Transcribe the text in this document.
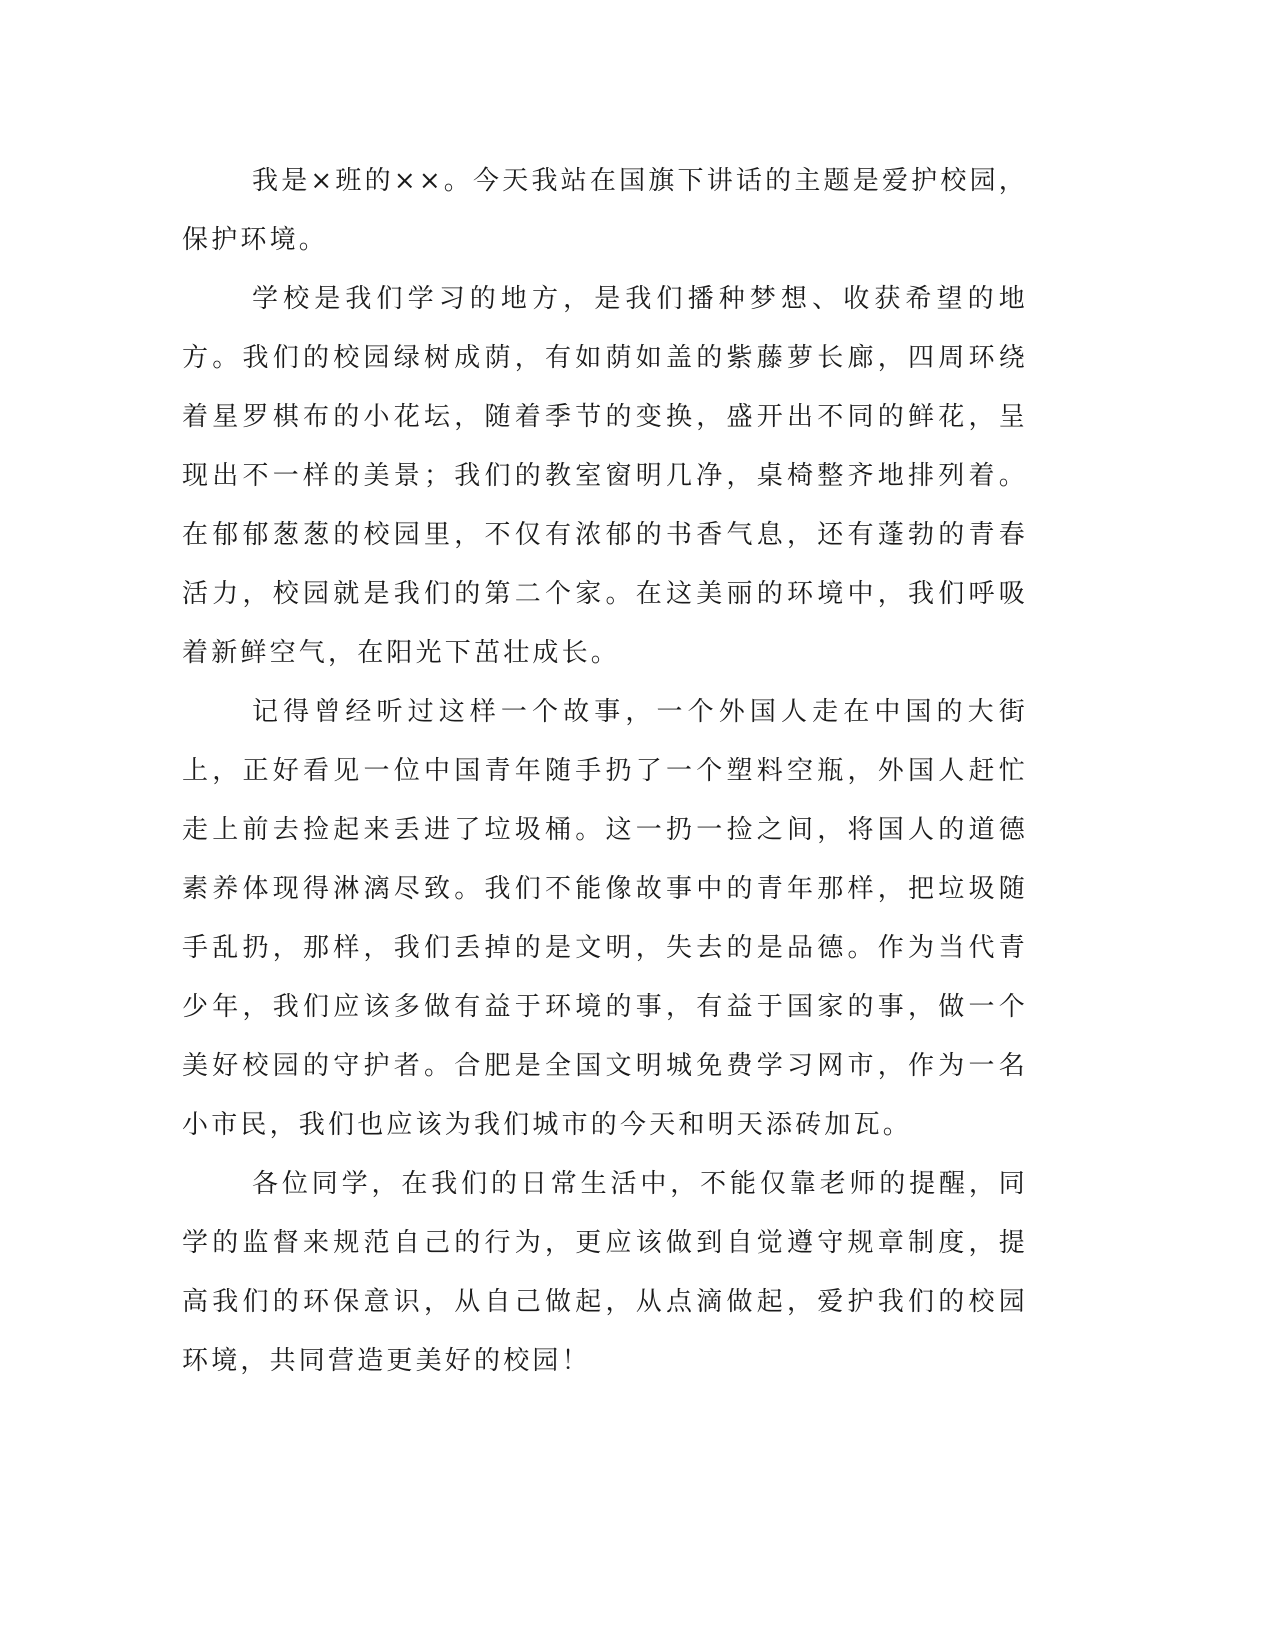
我是×班的××。今天我站在国旗下讲话的主题是爱护校园，保护环境。

学校是我们学习的地方，是我们播种梦想、收获希望的地方。我们的校园绿树成荫，有如荫如盖的紫藤萝长廊，四周环绕着星罗棋布的小花坛，随着季节的变换，盛开出不同的鲜花，呈现出不一样的美景；我们的教室窗明几净，桌椅整齐地排列着。在郁郁葱葱的校园里，不仅有浓郁的书香气息，还有蓬勃的青春活力，校园就是我们的第二个家。在这美丽的环境中，我们呼吸着新鲜空气，在阳光下茁壮成长。

记得曾经听过这样一个故事，一个外国人走在中国的大街上，正好看见一位中国青年随手扔了一个塑料空瓶，外国人赶忙走上前去捡起来丢进了垃圾桶。这一扔一捡之间，将国人的道德素养体现得淋漓尽致。我们不能像故事中的青年那样，把垃圾随手乱扔，那样，我们丢掉的是文明，失去的是品德。作为当代青少年，我们应该多做有益于环境的事，有益于国家的事，做一个美好校园的守护者。合肥是全国文明城免费学习网市，作为一名小市民，我们也应该为我们城市的今天和明天添砖加瓦。

各位同学，在我们的日常生活中，不能仅靠老师的提醒，同学的监督来规范自己的行为，更应该做到自觉遵守规章制度，提高我们的环保意识，从自己做起，从点滴做起，爱护我们的校园环境，共同营造更美好的校园！
